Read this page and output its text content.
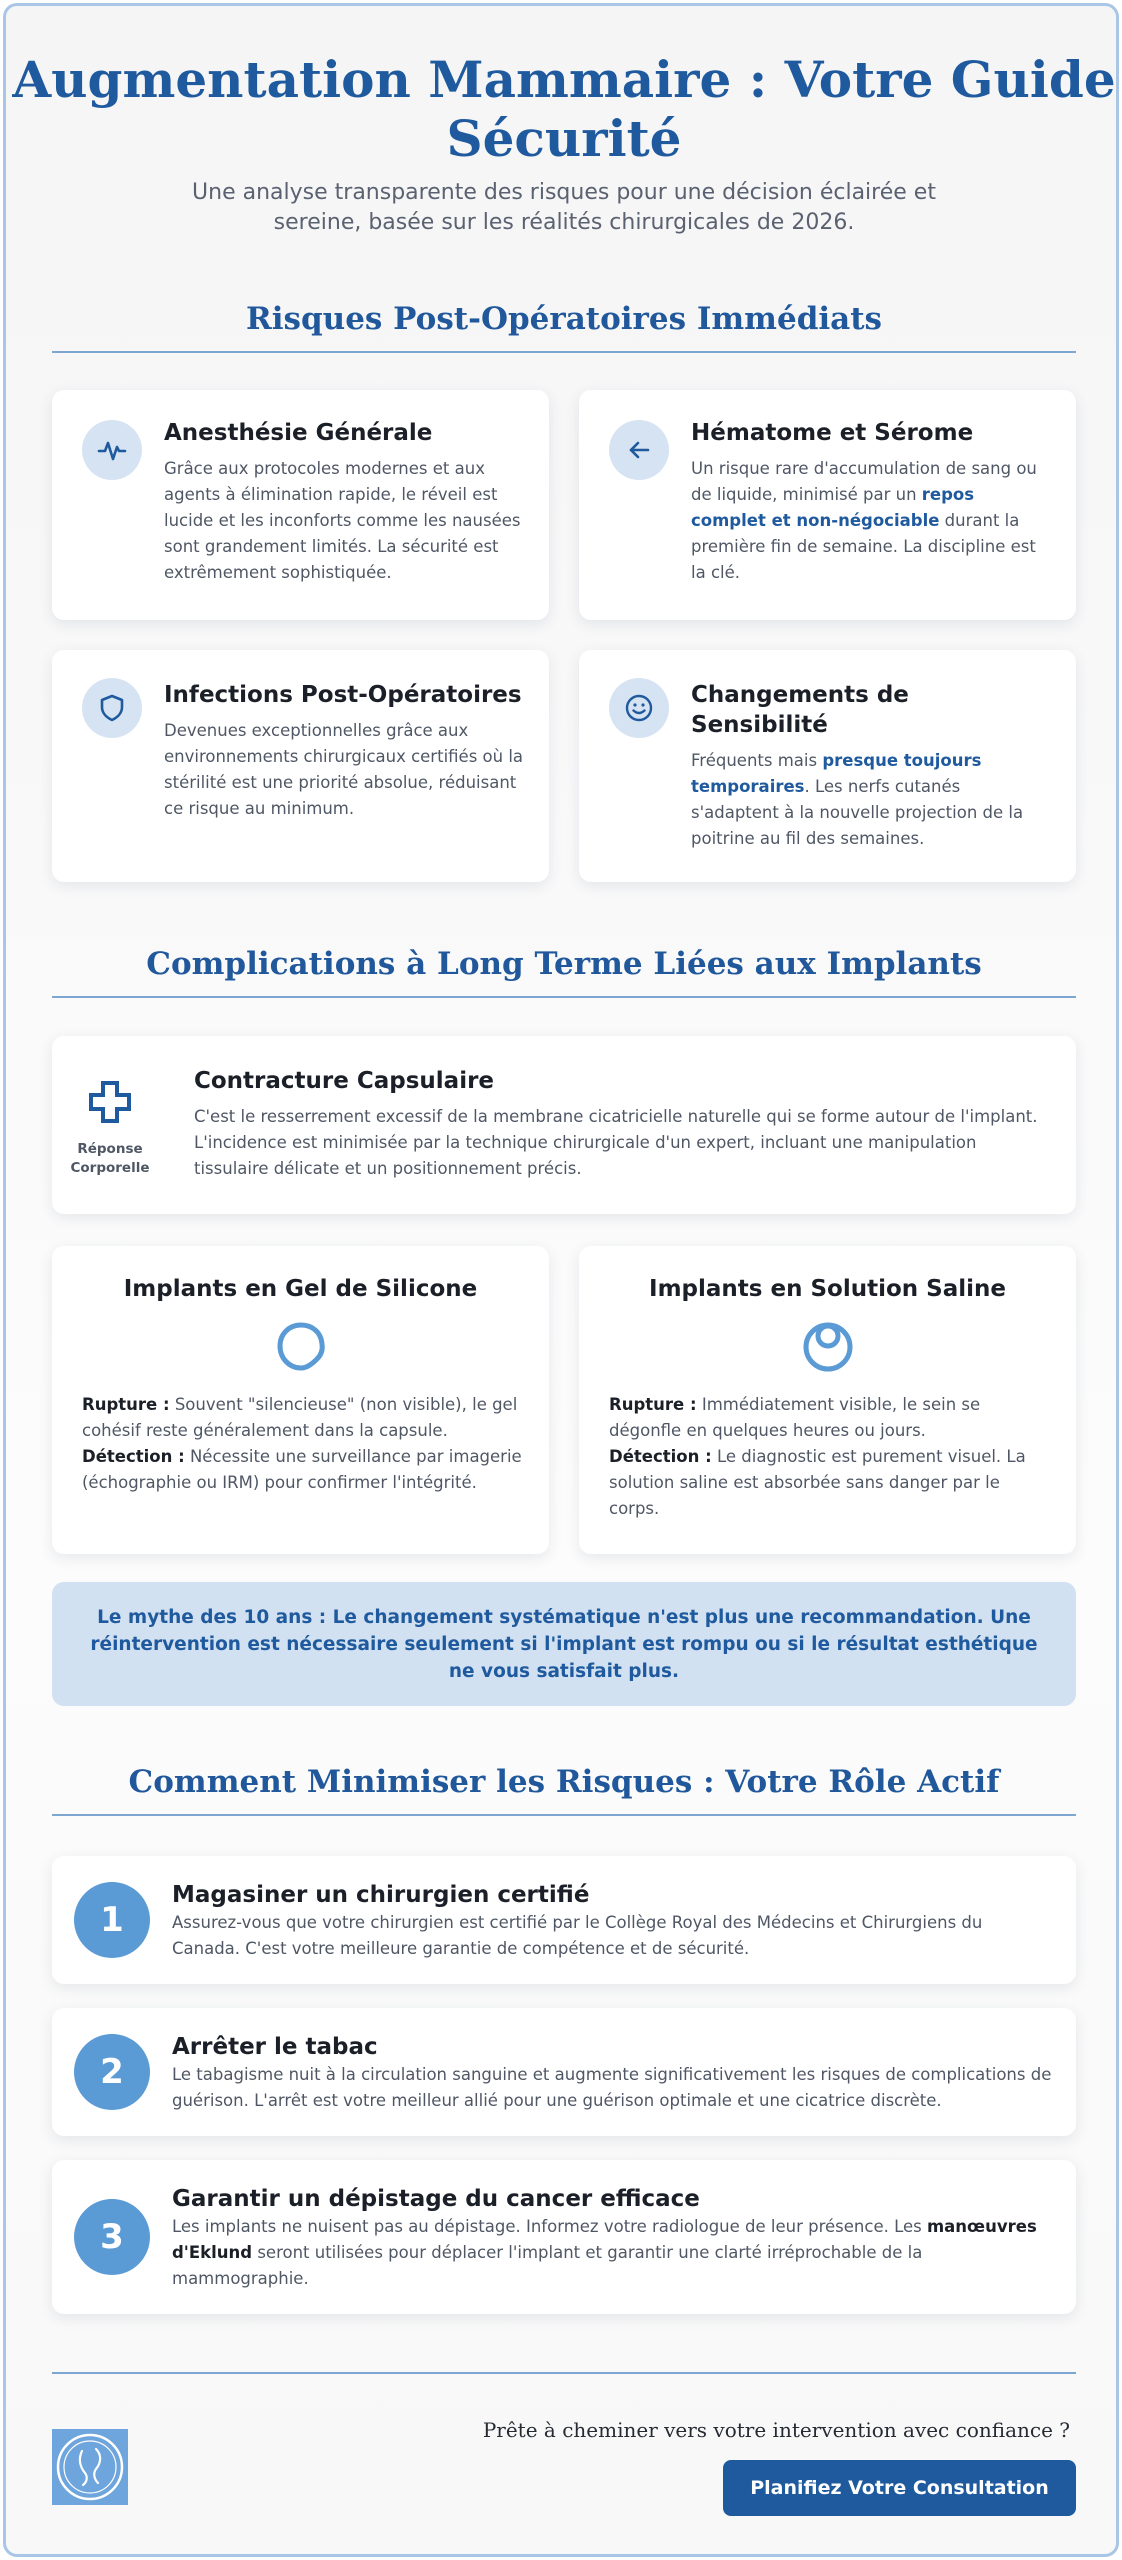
Augmentation Mammaire : Votre Guide Sécurité

Une analyse transparente des risques pour une décision éclairée et sereine, basée sur les réalités chirurgicales de 2026.

Risques Post-Opératoires Immédiats
Anesthésie Générale
Grâce aux protocoles modernes et aux agents à élimination rapide, le réveil est lucide et les inconforts comme les nausées sont grandement limités. La sécurité est extrêmement sophistiquée.
Hématome et Sérome
Un risque rare d'accumulation de sang ou de liquide, minimisé par un repos complet et non-négociable durant la première fin de semaine. La discipline est la clé.
Infections Post-Opératoires
Devenues exceptionnelles grâce aux environnements chirurgicaux certifiés où la stérilité est une priorité absolue, réduisant ce risque au minimum.
Changements de Sensibilité
Fréquents mais presque toujours temporaires. Les nerfs cutanés s'adaptent à la nouvelle projection de la poitrine au fil des semaines.
Complications à Long Terme Liées aux Implants
Réponse Corporelle
Contracture Capsulaire
C'est le resserrement excessif de la membrane cicatricielle naturelle qui se forme autour de l'implant. L'incidence est minimisée par la technique chirurgicale d'un expert, incluant une manipulation tissulaire délicate et un positionnement précis.
Implants en Gel de Silicone
Rupture : Souvent "silencieuse" (non visible), le gel cohésif reste généralement dans la capsule.
Détection : Nécessite une surveillance par imagerie (échographie ou IRM) pour confirmer l'intégrité.
Implants en Solution Saline
Rupture : Immédiatement visible, le sein se dégonfle en quelques heures ou jours.
Détection : Le diagnostic est purement visuel. La solution saline est absorbée sans danger par le corps.
Le mythe des 10 ans : Le changement systématique n'est plus une recommandation. Une réintervention est nécessaire seulement si l'implant est rompu ou si le résultat esthétique ne vous satisfait plus.
Comment Minimiser les Risques : Votre Rôle Actif
1
Magasiner un chirurgien certifié
Assurez-vous que votre chirurgien est certifié par le Collège Royal des Médecins et Chirurgiens du Canada. C'est votre meilleure garantie de compétence et de sécurité.
2
Arrêter le tabac
Le tabagisme nuit à la circulation sanguine et augmente significativement les risques de complications de guérison. L'arrêt est votre meilleur allié pour une guérison optimale et une cicatrice discrète.
3
Garantir un dépistage du cancer efficace
Les implants ne nuisent pas au dépistage. Informez votre radiologue de leur présence. Les manœuvres d'Eklund seront utilisées pour déplacer l'implant et garantir une clarté irréprochable de la mammographie.
Prête à cheminer vers votre intervention avec confiance ?
Planifiez Votre Consultation
